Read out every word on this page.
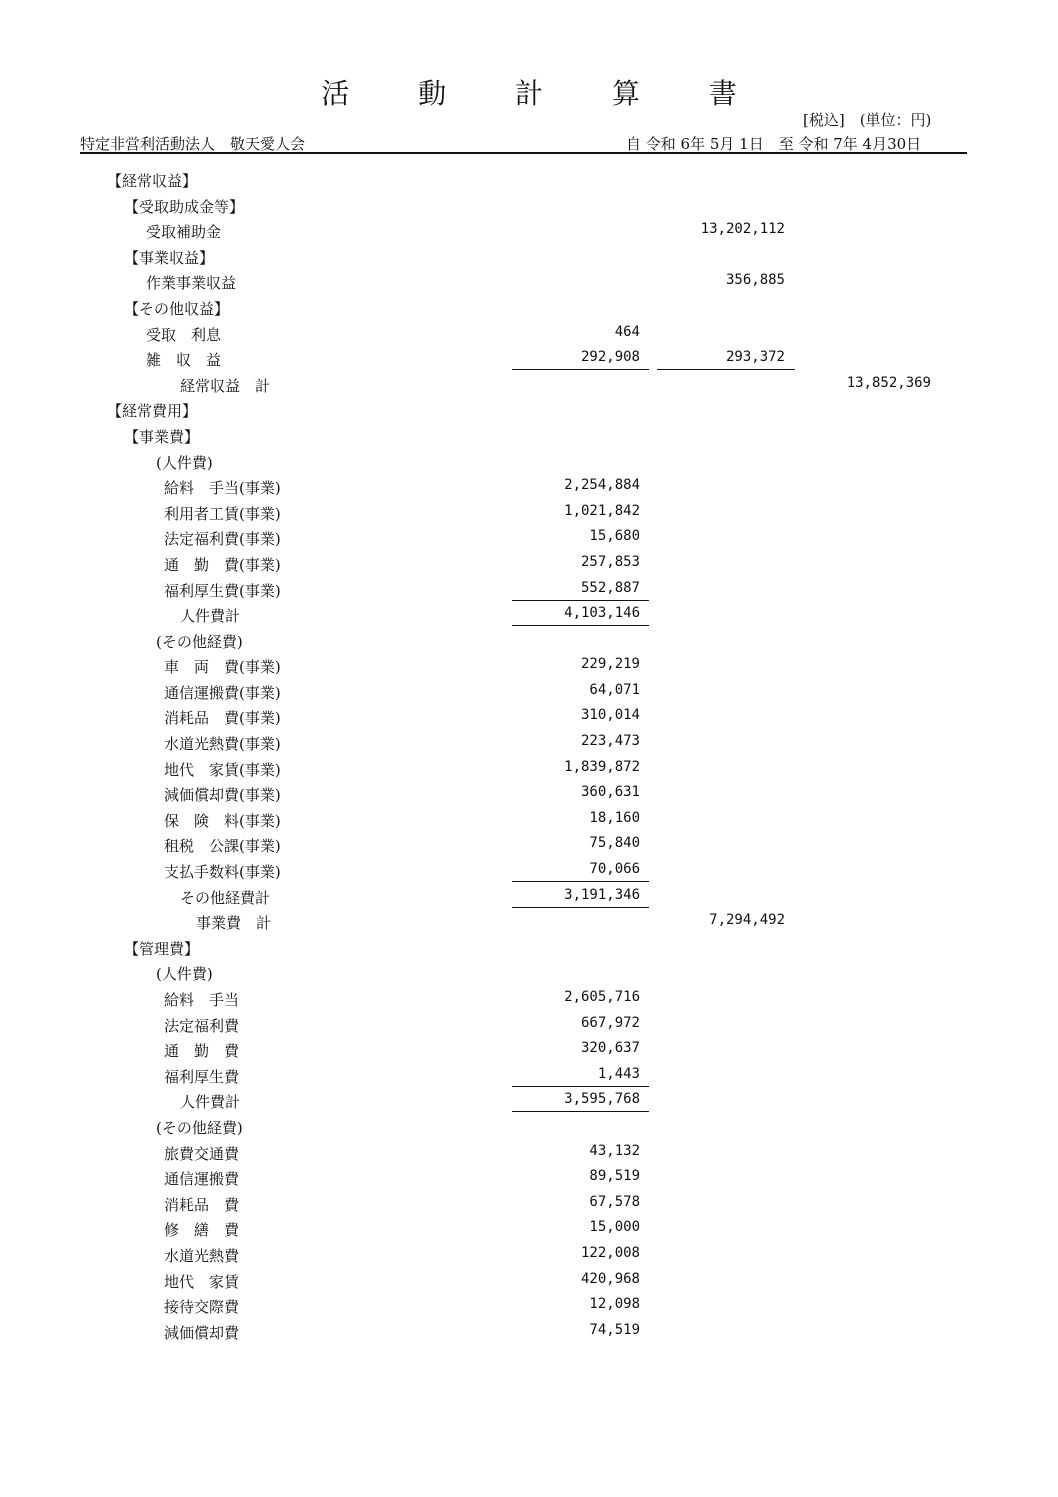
活 動 計 算 書
[税込]　(単位：円)
特定非営利活動法人　敬天愛人会	自 令和 6年 5月 1日　至 令和 7年 4月30日
【経常収益】
【受取助成金等】
受取補助金	13,202,112
【事業収益】
作業事業収益	356,885
【その他収益】
受取　利息	464
雑　収　益	292,908	293,372
経常収益　計	13,852,369
【経常費用】
【事業費】
(人件費)
給料　手当(事業)	2,254,884
利用者工賃(事業)	1,021,842
法定福利費(事業)	15,680
通　勤　費(事業)	257,853
福利厚生費(事業)	552,887
人件費計	4,103,146
(その他経費)
車　両　費(事業)	229,219
通信運搬費(事業)	64,071
消耗品　費(事業)	310,014
水道光熱費(事業)	223,473
地代　家賃(事業)	1,839,872
減価償却費(事業)	360,631
保　険　料(事業)	18,160
租税　公課(事業)	75,840
支払手数料(事業)	70,066
その他経費計	3,191,346
事業費　計	7,294,492
【管理費】
(人件費)
給料　手当	2,605,716
法定福利費	667,972
通　勤　費	320,637
福利厚生費	1,443
人件費計	3,595,768
(その他経費)
旅費交通費	43,132
通信運搬費	89,519
消耗品　費	67,578
修　繕　費	15,000
水道光熱費	122,008
地代　家賃	420,968
接待交際費	12,098
減価償却費	74,519
